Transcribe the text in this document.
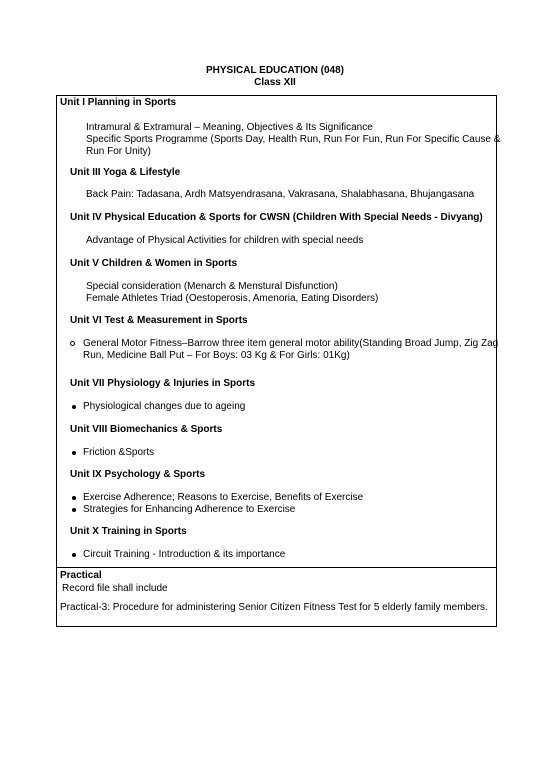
PHYSICAL EDUCATION (048)
Class XII
Unit I Planning in Sports
Intramural & Extramural – Meaning, Objectives & Its Significance
Specific Sports Programme (Sports Day, Health Run, Run For Fun, Run For Specific Cause &
Run For Unity)
Unit III Yoga & Lifestyle
Back Pain: Tadasana, Ardh Matsyendrasana, Vakrasana, Shalabhasana, Bhujangasana
Unit IV Physical Education & Sports for CWSN (Children With Special Needs - Divyang)
Advantage of Physical Activities for children with special needs
Unit V Children & Women in Sports
Special consideration (Menarch & Menstural Disfunction)
Female Athletes Triad (Oestoperosis, Amenoria, Eating Disorders)
Unit VI Test & Measurement in Sports
General Motor Fitness–Barrow three item general motor ability(Standing Broad Jump, Zig Zag
Run, Medicine Ball Put – For Boys: 03 Kg & For Girls: 01Kg)
Unit VII Physiology & Injuries in Sports
Physiological changes due to ageing
Unit VIII Biomechanics & Sports
Friction &Sports
Unit IX Psychology & Sports
Exercise Adherence; Reasons to Exercise, Benefits of Exercise
Strategies for Enhancing Adherence to Exercise
Unit X Training in Sports
Circuit Training - Introduction & its importance
Practical
Record file shall include
Practical-3: Procedure for administering Senior Citizen Fitness Test for 5 elderly family members.
